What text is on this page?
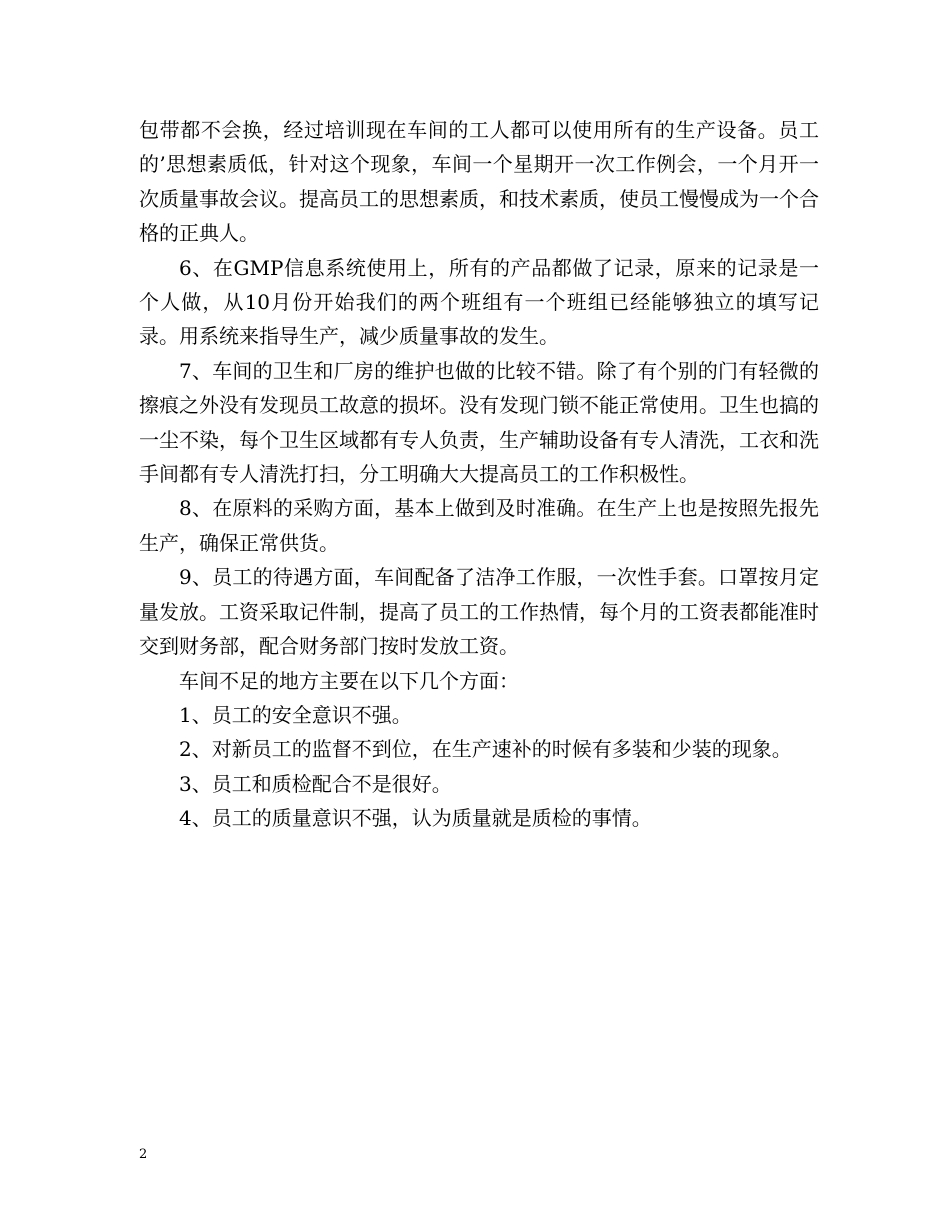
包带都不会换，经过培训现在车间的工人都可以使用所有的生产设备。员工的’思想素质低，针对这个现象，车间一个星期开一次工作例会，一个月开一次质量事故会议。提高员工的思想素质，和技术素质，使员工慢慢成为一个合格的正典人。

6、在GMP信息系统使用上，所有的产品都做了记录，原来的记录是一个人做，从10月份开始我们的两个班组有一个班组已经能够独立的填写记录。用系统来指导生产，减少质量事故的发生。

7、车间的卫生和厂房的维护也做的比较不错。除了有个别的门有轻微的擦痕之外没有发现员工故意的损坏。没有发现门锁不能正常使用。卫生也搞的一尘不染，每个卫生区域都有专人负责，生产辅助设备有专人清洗，工衣和洗手间都有专人清洗打扫，分工明确大大提高员工的工作积极性。

8、在原料的采购方面，基本上做到及时准确。在生产上也是按照先报先生产，确保正常供货。

9、员工的待遇方面，车间配备了洁净工作服，一次性手套。口罩按月定量发放。工资采取记件制，提高了员工的工作热情，每个月的工资表都能准时交到财务部，配合财务部门按时发放工资。

车间不足的地方主要在以下几个方面：

1、员工的安全意识不强。

2、对新员工的监督不到位，在生产速补的时候有多装和少装的现象。

3、员工和质检配合不是很好。

4、员工的质量意识不强，认为质量就是质检的事情。

2
